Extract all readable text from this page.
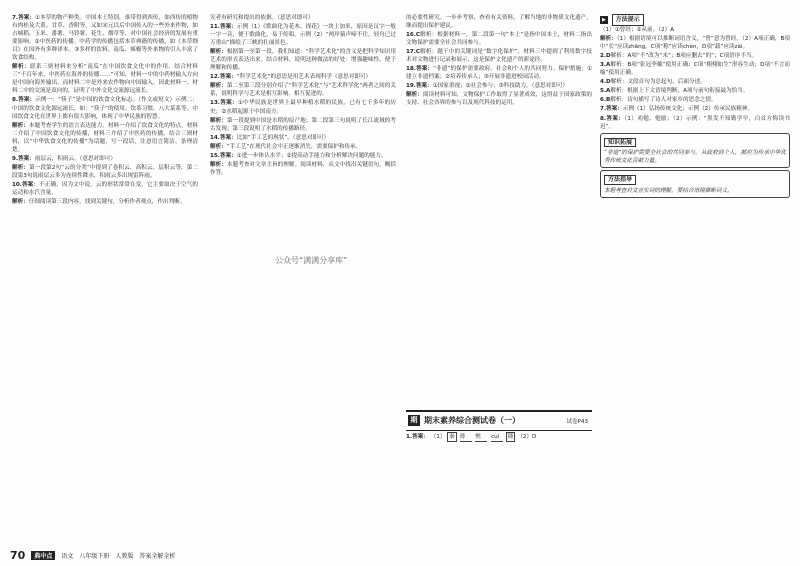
7.答案：①本草的物产种类。中国本土特别，谁带得到西传，如西传的植物有肉桂及大黄、甘草、香附等。又如宋元以后中国传入的一些外来作物，如占城稻、玉米、番薯、马铃薯、花生、烟草等，对中国社会经济的发展有重要影响。②中医药的传播。中药学的传播包括本草典籍的传播，如《本草纲目》在国外有多种译本。③多样的饮料。南瓜、辣椒等外来物的引入丰富了饮食结构。

解析：联系三则材料来分析“南瓜”在中国饮食文化中的作用。结合材料三“千百年来，中医药在海外的传播……”可知，材料一中的中药材输入方向是中国向海外输出，而材料二中是外来农作物向中国输入。因此材料一、材料二中的交流是双向的，证明了中外文化交流源远流长。

8.答案：示例一：“筷子”是中国的饮食文化标志。（作文或短文）示例二：中国的饮食文化源远流长，如：“筷子”的使用、饮茶习惯、八大菜系等。中国饮食文化在世界上都有很大影响，体现了中华民族的智慧。

解析：本题考查学生的语言表达能力。材料一介绍了饮食文化的特点，材料二介绍了中国饮食文化的传播，材料三介绍了中医药的传播。结合三则材料，以“中华饮食文化的传播”为话题，写一段话，注意语言简洁、条理清楚。

9.答案：雨层云，积雨云。（意思对即可）

解析：第一段第2句“云的分类”中提到了卷积云、高积云、层积云等，第二段第3句说雨层云多为连续性降水，积雨云多出现雷阵雨。

10.答案：不正确。因为文中说，云的形状常常在变，它主要取决于空气的运动和水汽含量。

解析：仔细阅读第三段内容，找到关键句，分析作者观点，作出判断。

究者有研究和提出的依据。（意思对即可）

11.答案：示例（1）《歌曲化为花木、探花》一块土加米，原因是汉字一般一字一音，便于歌曲化，易于传唱。示例（2）“两岸猿声啼不住，轻舟已过万重山”描绘了三峡的壮丽景色。

解析：根据第一至第一段，我们知道：“科学艺术化”的含义是把科学知识用艺术的形式表达出来。结合材料，说明这种做法的好处：增强趣味性、便于理解和传播。

12.答案：“科学艺术化”的意思是用艺术表现科学（意思对即可）

解析：第二至第三段分别介绍了“科学艺术化”与“艺术科学化”两者之间的关系，说明科学与艺术是相互影响、相互促进的。

13.答案：①中华民族是世界上最早种植水稻的民族，已有七千多年的历史；②水稻起源于中国南方。

解析：第一段提到中国是水稻的原产地；第二段第三句说明了长江流域的考古发现；第三段说明了水稻的传播路径。

14.答案：比如“手工艺的现状”。（意思对即可）

解析：“手工艺”在现代社会中正逐渐消失，需要保护和传承。

15.答案：①进一步体认水平；②提高动手能力和分析解决问题的能力。

解析：本题考查对文章主旨的理解。阅读材料，从文中找出关键语句，概括作答。

公众号“满满分享库”

的必要性研究。一步步考察，查看有关资料，了解当地的非物质文化遗产，继而提出保护建议。

16.C解析：根据材料一，第二段第一句“本土”是指中国本土，材料二指出文物保护需要全社会共同参与。

17.C解析：题干中的关键词是“数字化保护”，材料三中提到了利用数字技术对文物进行记录和展示，这是保护文化遗产的新途径。

18.答案：“非遗”的保护需要政府、社会和个人的共同努力。保护措施：①建立非遗档案；②培养传承人；③开展非遗进校园活动。

19.答案：①国家重视；②社会参与；③科技助力。（意思对即可）

解析：阅读材料可知，文物保护工作取得了显著成效，这得益于国家政策的支持、社会各界的参与以及现代科技的运用。

期 期末素养综合测试卷（一）	试卷P43
1.答案： （1） 秦 薄 憔 cuì 隆 （2）D
▶ 方法提示

（1）①曾经；②从前。（2）A

解析：（1）根据语境可以推断词语含义，“曾”意为曾经。（2）A项正确，B项中“长”应读zhǎng，C项“称”应读chèn，D项“载”应读zài。

2.D解析：A项“不”改为“未”；B项应删去“的”；C项语序不当。

3.A解析：B项“张冠李戴”使用正确；C项“栩栩如生”形容生动；D项“不言而喻”使用正确。

4.D解析：文段首句为总起句，后面分述。

5.A解析：根据上下文语境判断，A项与前句衔接最为恰当。

6.B解析：诗句描写了诗人对家乡的思念之情。

7.答案：示例（1）弘扬传统文化；示例（2）传承民族精神。

8.答案：（1）劝勉、勉励；（2）示例：“黑发不知勤学早，白首方悔读书迟”。

知识拓展
“非遗”的保护需要全社会的共同参与，从政府到个人，都应为传承中华优秀传统文化贡献力量。
方法指导
本题考查对文言实词的理解，要结合语境推断词义。
70	典中点	语文 八年级下册 人教版 答案全解全析
